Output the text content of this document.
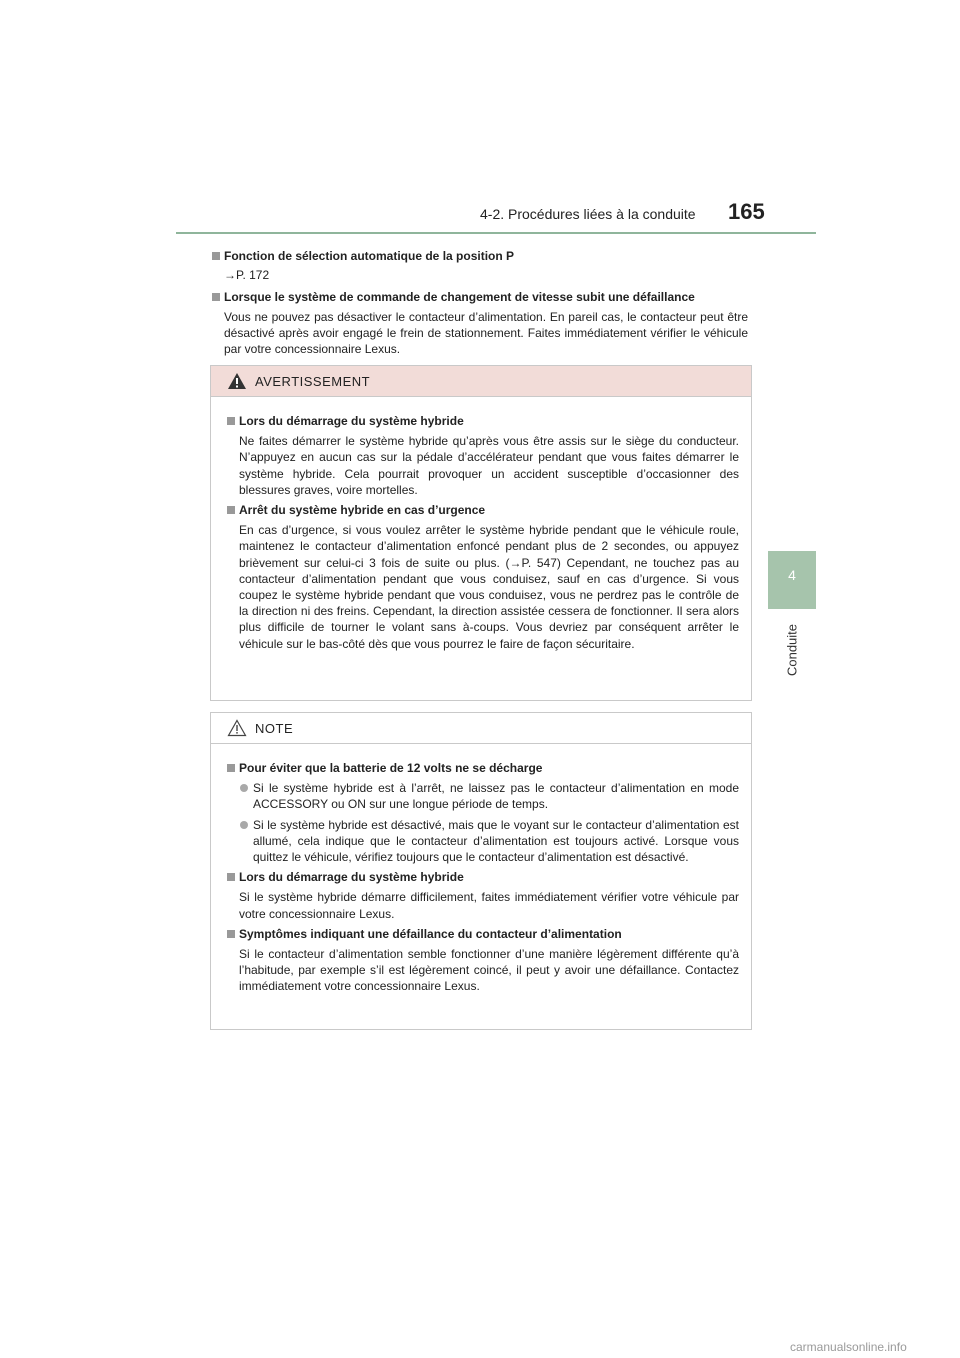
4-2. Procédures liées à la conduite	165
4
Conduite
Fonction de sélection automatique de la position P
→P. 172
Lorsque le système de commande de changement de vitesse subit une défaillance
Vous ne pouvez pas désactiver le contacteur d’alimentation. En pareil cas, le contacteur peut être désactivé après avoir engagé le frein de stationnement. Faites immédiatement vérifier le véhicule par votre concessionnaire Lexus.
AVERTISSEMENT
Lors du démarrage du système hybride
Ne faites démarrer le système hybride qu’après vous être assis sur le siège du conducteur. N’appuyez en aucun cas sur la pédale d’accélérateur pendant que vous faites démarrer le système hybride. Cela pourrait provoquer un accident susceptible d’occasionner des blessures graves, voire mortelles.
Arrêt du système hybride en cas d’urgence
En cas d’urgence, si vous voulez arrêter le système hybride pendant que le véhicule roule, maintenez le contacteur d’alimentation enfoncé pendant plus de 2 secondes, ou appuyez brièvement sur celui-ci 3 fois de suite ou plus. (→P. 547) Cependant, ne touchez pas au contacteur d’alimentation pendant que vous conduisez, sauf en cas d’urgence. Si vous coupez le système hybride pendant que vous conduisez, vous ne perdrez pas le contrôle de la direction ni des freins. Cependant, la direction assistée cessera de fonctionner. Il sera alors plus difficile de tourner le volant sans à-coups. Vous devriez par conséquent arrêter le véhicule sur le bas-côté dès que vous pourrez le faire de façon sécuritaire.
NOTE
Pour éviter que la batterie de 12 volts ne se décharge
Si le système hybride est à l’arrêt, ne laissez pas le contacteur d’alimentation en mode ACCESSORY ou ON sur une longue période de temps.
Si le système hybride est désactivé, mais que le voyant sur le contacteur d’alimentation est allumé, cela indique que le contacteur d’alimentation est toujours activé. Lorsque vous quittez le véhicule, vérifiez toujours que le contacteur d’alimentation est désactivé.
Lors du démarrage du système hybride
Si le système hybride démarre difficilement, faites immédiatement vérifier votre véhicule par votre concessionnaire Lexus.
Symptômes indiquant une défaillance du contacteur d’alimentation
Si le contacteur d’alimentation semble fonctionner d’une manière légèrement différente qu’à l’habitude, par exemple s’il est légèrement coincé, il peut y avoir une défaillance. Contactez immédiatement votre concessionnaire Lexus.
carmanualsonline.info
